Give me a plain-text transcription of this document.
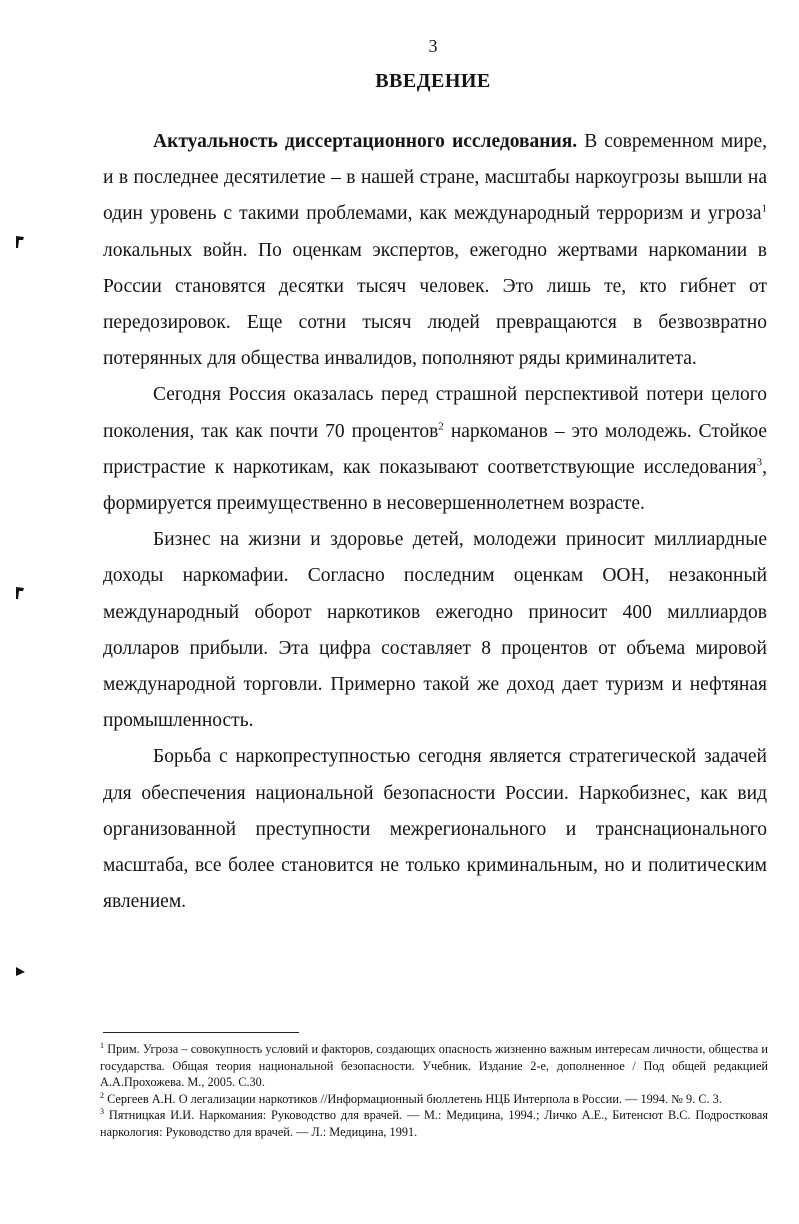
3
ВВЕДЕНИЕ

Актуальность диссертационного исследования. В современном мире, и в последнее десятилетие – в нашей стране, масштабы наркоугрозы вышли на один уровень с такими проблемами, как международный терроризм и угроза$^1$ локальных войн. По оценкам экспертов, ежегодно жертвами наркомании в России становятся десятки тысяч человек. Это лишь те, кто гибнет от передозировок. Еще сотни тысяч людей превращаются в безвозвратно потерянных для общества инвалидов, пополняют ряды криминалитета.

Сегодня Россия оказалась перед страшной перспективой потери целого поколения, так как почти 70 процентов$^2$ наркоманов – это молодежь. Стойкое пристрастие к наркотикам, как показывают соответствующие исследования$^3$, формируется преимущественно в несовершеннолетнем возрасте.

Бизнес на жизни и здоровье детей, молодежи приносит миллиардные доходы наркомафии. Согласно последним оценкам ООН, незаконный международный оборот наркотиков ежегодно приносит 400 миллиардов долларов прибыли. Эта цифра составляет 8 процентов от объема мировой международной торговли. Примерно такой же доход дает туризм и нефтяная промышленность.

Борьба с наркопреступностью сегодня является стратегической задачей для обеспечения национальной безопасности России. Наркобизнес, как вид организованной преступности межрегионального и транснационального масштаба, все более становится не только криминальным, но и политическим явлением.

$^1$ Прим. Угроза – совокупность условий и факторов, создающих опасность жизненно важным интересам личности, общества и государства. Общая теория национальной безопасности. Учебник. Издание 2-е, дополненное / Под общей редакцией А.А.Прохожева. М., 2005. С.30.

$^2$ Сергеев А.Н. О легализации наркотиков //Информационный бюллетень НЦБ Интерпола в России. — 1994. № 9. С. 3.

$^3$ Пятницкая И.И. Наркомания: Руководство для врачей. — М.: Медицина, 1994.; Личко А.Е., Битенсют В.С. Подростковая наркология: Руководство для врачей. — Л.: Медицина, 1991.
